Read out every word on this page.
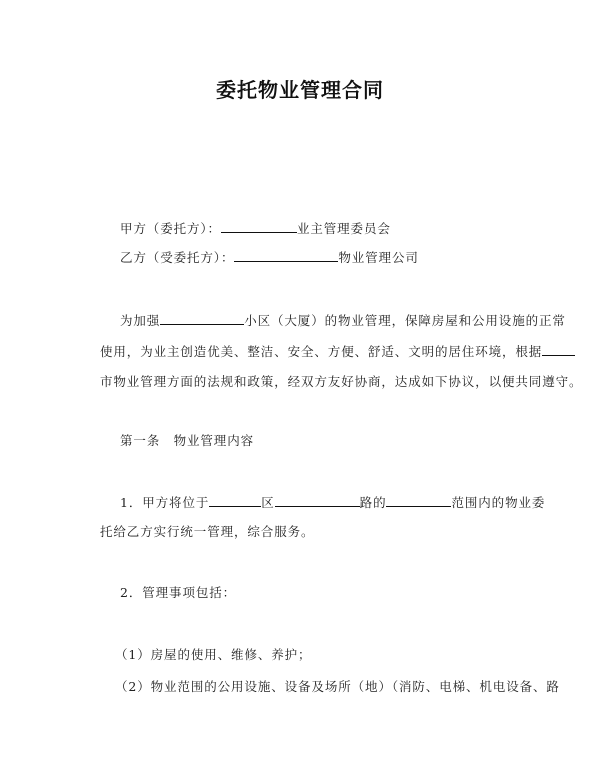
委托物业管理合同
甲方（委托方）：	业主管理委员会
乙方（受委托方）：	物业管理公司
为加强	小区（大厦）的物业管理，保障房屋和公用设施的正常
使用，为业主创造优美、整洁、安全、方便、舒适、文明的居住环境，根据
市物业管理方面的法规和政策，经双方友好协商，达成如下协议，以便共同遵守。
第一条　物业管理内容
1．甲方将位于	区	路的	范围内的物业委
托给乙方实行统一管理，综合服务。
2．管理事项包括：
（1）房屋的使用、维修、养护；
（2）物业范围的公用设施、设备及场所（地）（消防、电梯、机电设备、路
